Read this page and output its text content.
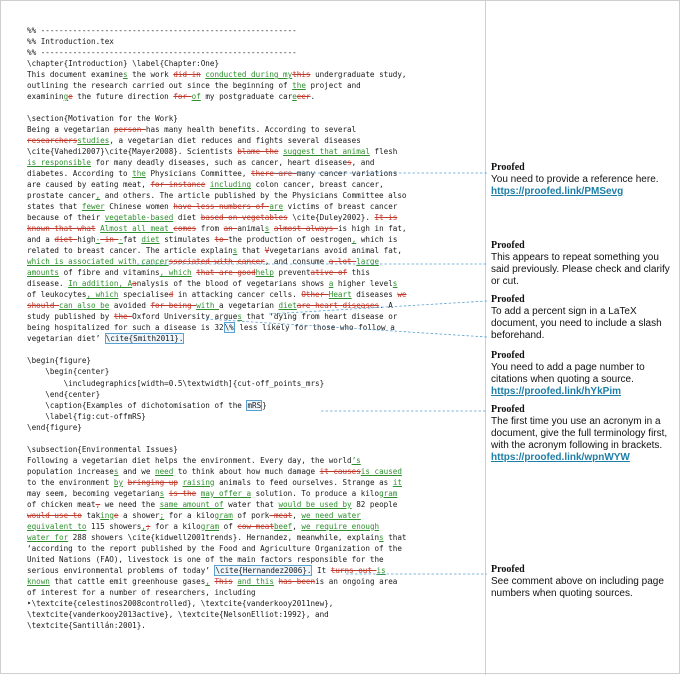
%% --------------------------------------------------------
%% Introduction.tex
%% --------------------------------------------------------
\chapter{Introduction} \label{Chapter:One}
This document examines the work did in conducted during mythis undergraduate study,
outlining the research carried out since the beginning of the project and
examininge the future direction for of my postgraduate careeer.
\section{Motivation for the Work}
Being a vegetarian person has many health benefits. According to several
researchersstudies, a vegetarian diet reduces and fights several diseases
\cite{Vahedi2007}\cite{Mayer2008}. Scientists blame the suggest that animal flesh
is responsible for many deadly diseases, such as cancer, heart diseases, and
diabetes. According to the Physicians Committee, there are many cancer variations
are caused by eating meat, for instance including colon cancer, breast cancer,
prostate cancer, and others. The article published by the Physicians Committee also
states that fewer Chinese women have less numbers of are victims of breast cancer
because of their vegetable-based diet based on vegetables \cite{Duley2002}. It is
known that what Almost all meat comes from an animals almost always is high in fat,
and a diet high- in -fat diet stimulates to the production of oestrogen, which is
related to breast cancer. The article explains that Vvegetarians avoid animal fat,
which is associated with cancerssociated with cancer, and consume a lot large
amounts of fibre and vitamins, which that are goodhelp preventative of this
disease. In addition, Aanalysis of the blood of vegetarians shows a higher levels
of leukocytes, which specialised in attacking cancer cells. Other Heart diseases we
should can also be avoided for being with a vegetarian dietare heart diseases. A
study published by the Oxford University argues that ‘dying from heart disease or
being hospitalized for such a disease is 32\% less likely for those who follow a
vegetarian diet’ \cite{Smith2011}.
\begin{figure}
\begin{center}
\includegraphics[width=0.5\textwidth]{cut-off_points_mrs}
\end{center}
\caption{Examples of dichotomisation of the mRS}
\label{fig:cut-offmRS}
\end{figure}
\subsection{Environmental Issues}
Following a vegetarian diet helps the environment. Every day, the world’s
population increases and we need to think about how much damage it causesis caused
to the environment by bringing up raising animals to feed ourselves. Strange as it
may seem, becoming vegetarians is the may offer a solution. To produce a kilogram
of chicken meat, we need the same amount of water that would be used by 82 people
would use to takinge a shower; for a kilogram of pork-meat, we need water
equivalent to 115 showers,; for a kilogram of cow meatbeef, we require enough
water for 288 showers \cite{kidwell2001trends}. Hernandez, meanwhile, explains that
‘according to the report published by the Food and Agriculture Organization of the
United Nations (FAO), livestock is one of the main factors responsible for the
serious environmental problems of today’ \cite{Hernandez2006}. It turns out is
known that cattle emit greenhouse gases, This and this has beenis an ongoing area
of interest for a number of researchers, including
‣\textcite{celestinos2008controlled}, \textcite{vanderkooy2011new},
\textcite{vanderkooy2013active}, \textcite{NelsonElliot:1992}, and
\textcite{Santillán:2001}.
Proofed
You need to provide a reference here.
https://proofed.link/PMSevg
Proofed
This appears to repeat something you said previously. Please check and clarify or cut.
Proofed
To add a percent sign in a LaTeX document, you need to include a slash beforehand.
Proofed
You need to add a page number to citations when quoting a source.
https://proofed.link/hYkPim
Proofed
The first time you use an acronym in a document, give the full terminology first, with the acronym following in brackets.
https://proofed.link/wpnWYW
Proofed
See comment above on including page numbers when quoting sources.
